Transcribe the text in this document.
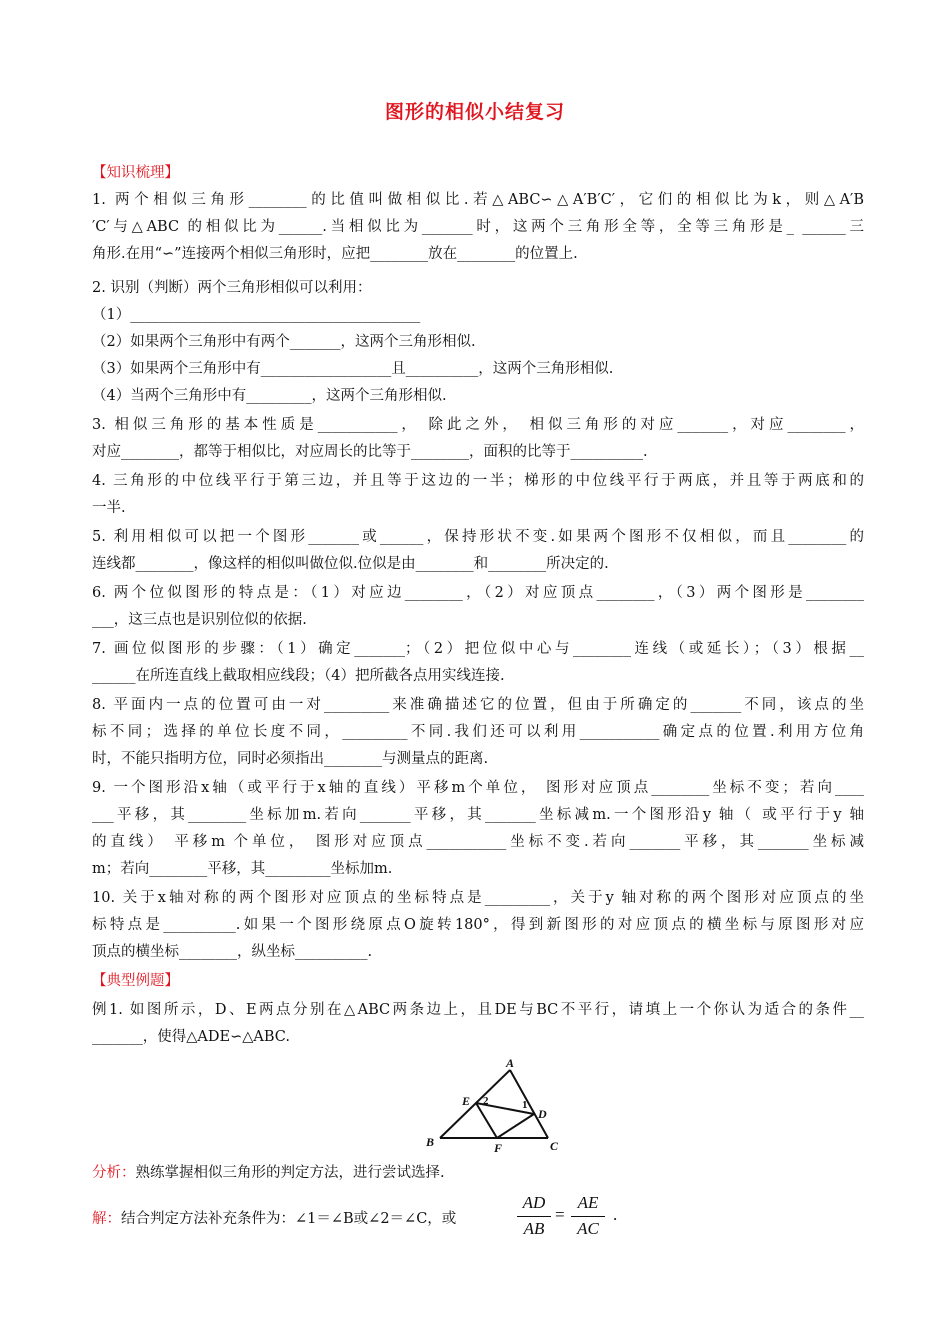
图形的相似小结复习
【知识梳理】
1. 两个相似三角形________的比值叫做相似比.若△ABC∽△A′B′C′，它们的相似比为k，则△A′B
′C′与△ABC 的相似比为______.当相似比为_______时，这两个三角形全等，全等三角形是_ ______三
角形.在用“∽”连接两个相似三角形时，应把________放在________的位置上.
2. 识别（判断）两个三角形相似可以利用：
（1）________________________________________
（2）如果两个三角形中有两个_______，这两个三角形相似.
（3）如果两个三角形中有__________________且__________，这两个三角形相似.
（4）当两个三角形中有_________，这两个三角形相似.
3. 相似三角形的基本性质是___________， 除此之外， 相似三角形的对应_______，对应________，
对应________，都等于相似比，对应周长的比等于________，面积的比等于__________.
4. 三角形的中位线平行于第三边，并且等于这边的一半；梯形的中位线平行于两底，并且等于两底和的
一半.
5. 利用相似可以把一个图形_______或______，保持形状不变.如果两个图形不仅相似，而且________的
连线都________，像这样的相似叫做位似.位似是由________和________所决定的.
6. 两个位似图形的特点是：（1）对应边________，（2）对应顶点________，（3）两个图形是________
___，这三点也是识别位似的依据.
7. 画位似图形的步骤：（1）确定_______；（2）把位似中心与________连线（或延长）；（3）根据__
______在所连直线上截取相应线段；（4）把所截各点用实线连接.
8. 平面内一点的位置可由一对_________来准确描述它的位置，但由于所确定的_______不同，该点的坐
标不同；选择的单位长度不同，_________不同.我们还可以利用___________确定点的位置.利用方位角
时，不能只指明方位，同时必须指出________与测量点的距离.
9. 一个图形沿x轴（或平行于x轴的直线）平移m个单位， 图形对应顶点________坐标不变；若向____
___平移，其________坐标加m.若向_______平移，其_______坐标减m.一个图形沿y 轴（ 或平行于y 轴
的直线） 平移m 个单位， 图形对应顶点___________坐标不变.若向_______平移，其_______坐标减
m；若向________平移，其_________坐标加m.
10. 关于x轴对称的两个图形对应顶点的坐标特点是_________，关于y 轴对称的两个图形对应顶点的坐
标特点是__________.如果一个图形绕原点O旋转180°，得到新图形的对应顶点的横坐标与原图形对应
顶点的横坐标________，纵坐标__________.
【典型例题】
例1. 如图所示，D、E两点分别在△ABC两条边上，且DE与BC不平行，请填上一个你认为适合的条件__
_______，使得△ADE∽△ABC.
A
B	C
D
E
F
1
2
分析：熟练掌握相似三角形的判定方法，进行尝试选择.
解：结合判定方法补充条件为：∠1＝∠B或∠2＝∠C，或
AD
AB
=
AE
AC
.
